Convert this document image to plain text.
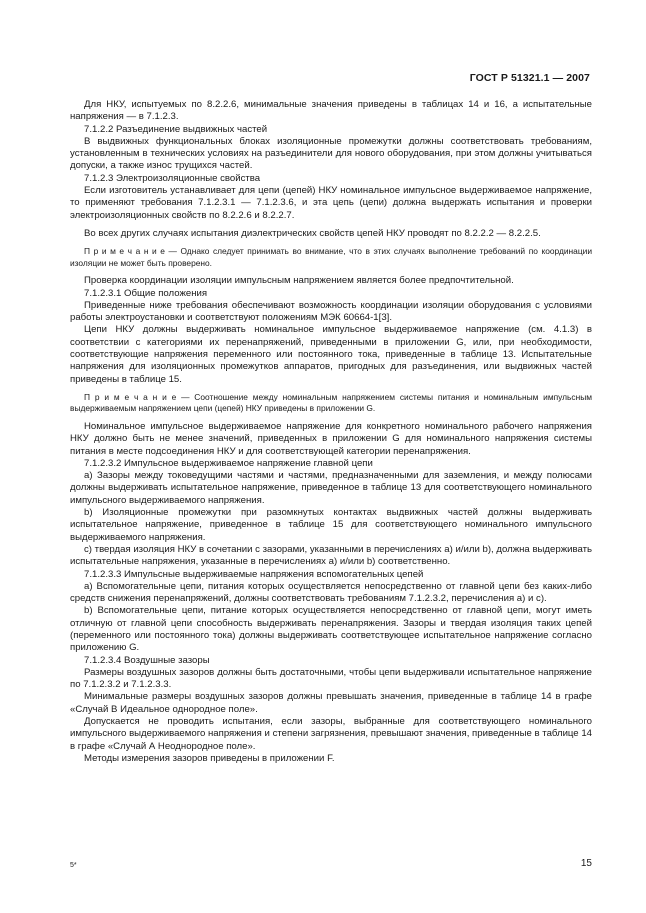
ГОСТ Р 51321.1 — 2007

Для НКУ, испытуемых по 8.2.2.6, минимальные значения приведены в таблицах 14 и 16, а испытательные напряжения — в 7.1.2.3.

7.1.2.2 Разъединение выдвижных частей

В выдвижных функциональных блоках изоляционные промежутки должны соответствовать требованиям, установленным в технических условиях на разъединители для нового оборудования, при этом должны учитываться допуски, а также износ трущихся частей.

7.1.2.3 Электроизоляционные свойства

Если изготовитель устанавливает для цепи (цепей) НКУ номинальное импульсное выдерживаемое напряжение, то применяют требования 7.1.2.3.1 — 7.1.2.3.6, и эта цепь (цепи) должна выдержать испытания и проверки электроизоляционных свойств по 8.2.2.6 и 8.2.2.7.

Во всех других случаях испытания диэлектрических свойств цепей НКУ проводят по 8.2.2.2 — 8.2.2.5.

П р и м е ч а н и е — Однако следует принимать во внимание, что в этих случаях выполнение требований по координации изоляции не может быть проверено.

Проверка координации изоляции импульсным напряжением является более предпочтительной.

7.1.2.3.1 Общие положения

Приведенные ниже требования обеспечивают возможность координации изоляции оборудования с условиями работы электроустановки и соответствуют положениям МЭК 60664-1[3].

Цепи НКУ должны выдерживать номинальное импульсное выдерживаемое напряжение (см. 4.1.3) в соответствии с категориями их перенапряжений, приведенными в приложении G, или, при необходимости, соответствующие напряжения переменного или постоянного тока, приведенные в таблице 13. Испытательные напряжения для изоляционных промежутков аппаратов, пригодных для разъединения, или выдвижных частей приведены в таблице 15.

П р и м е ч а н и е — Соотношение между номинальным напряжением системы питания и номинальным импульсным выдерживаемым напряжением цепи (цепей) НКУ приведены в приложении G.

Номинальное импульсное выдерживаемое напряжение для конкретного номинального рабочего напряжения НКУ должно быть не менее значений, приведенных в приложении G для номинального напряжения системы питания в месте подсоединения НКУ и для соответствующей категории перенапряжения.

7.1.2.3.2 Импульсное выдерживаемое напряжение главной цепи

a) Зазоры между токоведущими частями и частями, предназначенными для заземления, и между полюсами должны выдерживать испытательное напряжение, приведенное в таблице 13 для соответствующего номинального импульсного выдерживаемого напряжения.

b) Изоляционные промежутки при разомкнутых контактах выдвижных частей должны выдерживать испытательное напряжение, приведенное в таблице 15 для соответствующего номинального импульсного выдерживаемого напряжения.

c) твердая изоляция НКУ в сочетании с зазорами, указанными в перечислениях a) и/или b), должна выдерживать испытательные напряжения, указанные в перечислениях a) и/или b) соответственно.

7.1.2.3.3 Импульсные выдерживаемые напряжения вспомогательных цепей

a) Вспомогательные цепи, питания которых осуществляется непосредственно от главной цепи без каких-либо средств снижения перенапряжений, должны соответствовать требованиям 7.1.2.3.2, перечисления a) и c).

b) Вспомогательные цепи, питание которых осуществляется непосредственно от главной цепи, могут иметь отличную от главной цепи способность выдерживать перенапряжения. Зазоры и твердая изоляция таких цепей (переменного или постоянного тока) должны выдерживать соответствующее испытательное напряжение согласно приложению G.

7.1.2.3.4 Воздушные зазоры

Размеры воздушных зазоров должны быть достаточными, чтобы цепи выдерживали испытательное напряжение по 7.1.2.3.2 и 7.1.2.3.3.

Минимальные размеры воздушных зазоров должны превышать значения, приведенные в таблице 14 в графе «Случай В Идеальное однородное поле».

Допускается не проводить испытания, если зазоры, выбранные для соответствующего номинального импульсного выдерживаемого напряжения и степени загрязнения, превышают значения, приведенные в таблице 14 в графе «Случай А Неоднородное поле».

Методы измерения зазоров приведены в приложении F.

5*	15
